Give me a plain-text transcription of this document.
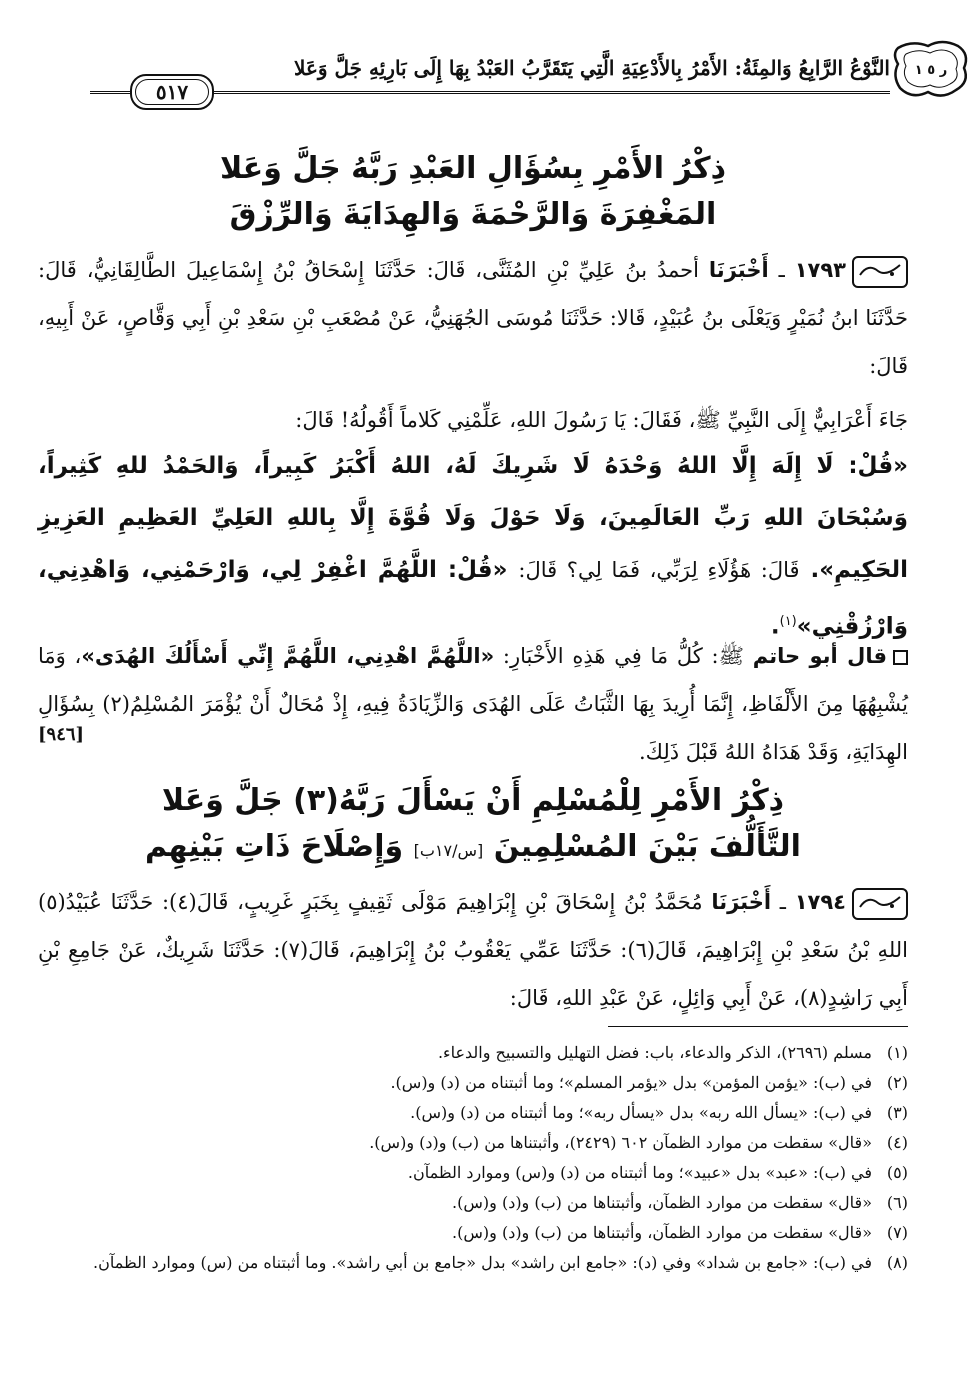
ر ٥ ١
النَّوْعُ الرَّابِعُ وَالمِئَةُ: الأَمْرُ بِالأَدْعِيَةِ الَّتِي يَتَقَرَّبُ العَبْدُ بِهَا إِلَى بَارِئِهِ جَلَّ وَعَلا
٥١٧
ذِكْرُ الأَمْرِ بِسُؤَالِ العَبْدِ رَبَّهُ جَلَّ وَعَلا
المَغْفِرَةَ وَالرَّحْمَةَ وَالهِدَايَةَ وَالرِّزْقَ
١٧٩٣ ـ أَخْبَرَنَا أحمدُ بنُ عَلِيِّ بْنِ المُثَنَّى، قَالَ: حَدَّثَنَا إِسْحَاقُ بْنُ إِسْمَاعِيلَ الطَّالِقَانِيُّ، قَالَ: حَدَّثَنَا ابنُ نُمَيْرٍ وَيَعْلَى بنُ عُبَيْدٍ، قَالا: حَدَّثَنَا مُوسَى الجُهَنِيُّ، عَنْ مُصْعَبِ بْنِ سَعْدِ بْنِ أَبِي وَقَّاصٍ، عَنْ أَبِيهِ، قَالَ:
جَاءَ أَعْرَابِيٌّ إِلَى النَّبِيِّ ﷺ، فَقَالَ: يَا رَسُولَ اللهِ، عَلِّمْنِي كَلاماً أَقُولُهُ! قَالَ:
«قُلْ: لَا إِلَهَ إِلَّا اللهُ وَحْدَهُ لَا شَرِيكَ لَهُ، اللهُ أَكْبَرُ كَبِيراً، وَالحَمْدُ للهِ كَثِيراً، وَسُبْحَانَ اللهِ رَبِّ العَالَمِينَ، وَلَا حَوْلَ وَلَا قُوَّةَ إِلَّا بِاللهِ العَلِيِّ العَظِيمِ العَزِيزِ الحَكِيمِ». قَالَ: هَؤُلَاءِ لِرَبِّي، فَمَا لِي؟ قَالَ: «قُلْ: اللَّهُمَّ اغْفِرْ لِي، وَارْحَمْنِي، وَاهْدِنِي، وَارْزُقْنِي»$^{(١)}$.
قال أبو حاتم ﷺ: كُلُّ مَا فِي هَذِهِ الأَخْبَارِ: «اللَّهُمَّ اهْدِنِي، اللَّهُمَّ إِنِّي أَسْأَلُكَ الهُدَى»، وَمَا يُشْبِهُهَا مِنَ الأَلْفَاظِ، إِنَّمَا أُرِيدَ بِهَا الثَّبَاتُ عَلَى الهُدَى وَالزِّيَادَةُ فِيهِ، إِذْ مُحَالٌ أَنْ يُؤْمَرَ المُسْلِمُ(٢) بِسُؤَالِ الهِدَايَةِ، وَقَدْ هَدَاهُ اللهُ قَبْلَ ذَلِكَ.
[٩٤٦]
ذِكْرُ الأَمْرِ لِلْمُسْلِمِ أَنْ يَسْأَلَ رَبَّهُ(٣) جَلَّ وَعَلا
التَّأَلُّفَ بَيْنَ المُسْلِمِينَ [س/١٧ب] وَإِصْلَاحَ ذَاتِ بَيْنِهِم
١٧٩٤ ـ أَخْبَرَنَا مُحَمَّدُ بْنُ إِسْحَاقَ بْنِ إِبْرَاهِيمَ مَوْلَى ثَقِيفٍ بِخَبَرٍ غَرِيبٍ، قَالَ(٤): حَدَّثَنَا عُبَيْدُ(٥) اللهِ بْنُ سَعْدِ بْنِ إِبْرَاهِيمَ، قَالَ(٦): حَدَّثَنَا عَمِّي يَعْقُوبُ بْنُ إِبْرَاهِيمَ، قَالَ(٧): حَدَّثَنَا شَرِيكٌ، عَنْ جَامِعِ بْنِ أَبِي رَاشِدٍ(٨)، عَنْ أَبِي وَائِلٍ، عَنْ عَبْدِ اللهِ، قَالَ:
(١)مسلم (٢٦٩٦)، الذكر والدعاء، باب: فضل التهليل والتسبيح والدعاء.
(٢)في (ب): «يؤمن المؤمن» بدل «يؤمر المسلم»؛ وما أثبتناه من (د) و(س).
(٣)في (ب): «يسأل الله ربه» بدل «يسأل ربه»؛ وما أثبتناه من (د) و(س).
(٤)«قال» سقطت من موارد الظمآن ٦٠٢ (٢٤٢٩)، وأثبتناها من (ب) و(د) و(س).
(٥)في (ب): «عبد» بدل «عبيد»؛ وما أثبتناه من (د) و(س) وموارد الظمآن.
(٦)«قال» سقطت من موارد الظمآن، وأثبتناها من (ب) و(د) و(س).
(٧)«قال» سقطت من موارد الظمآن، وأثبتناها من (ب) و(د) و(س).
(٨)في (ب): «جامع بن شداد» وفي (د): «جامع ابن راشد» بدل «جامع بن أبي راشد». وما أثبتناه من (س) وموارد الظمآن.
